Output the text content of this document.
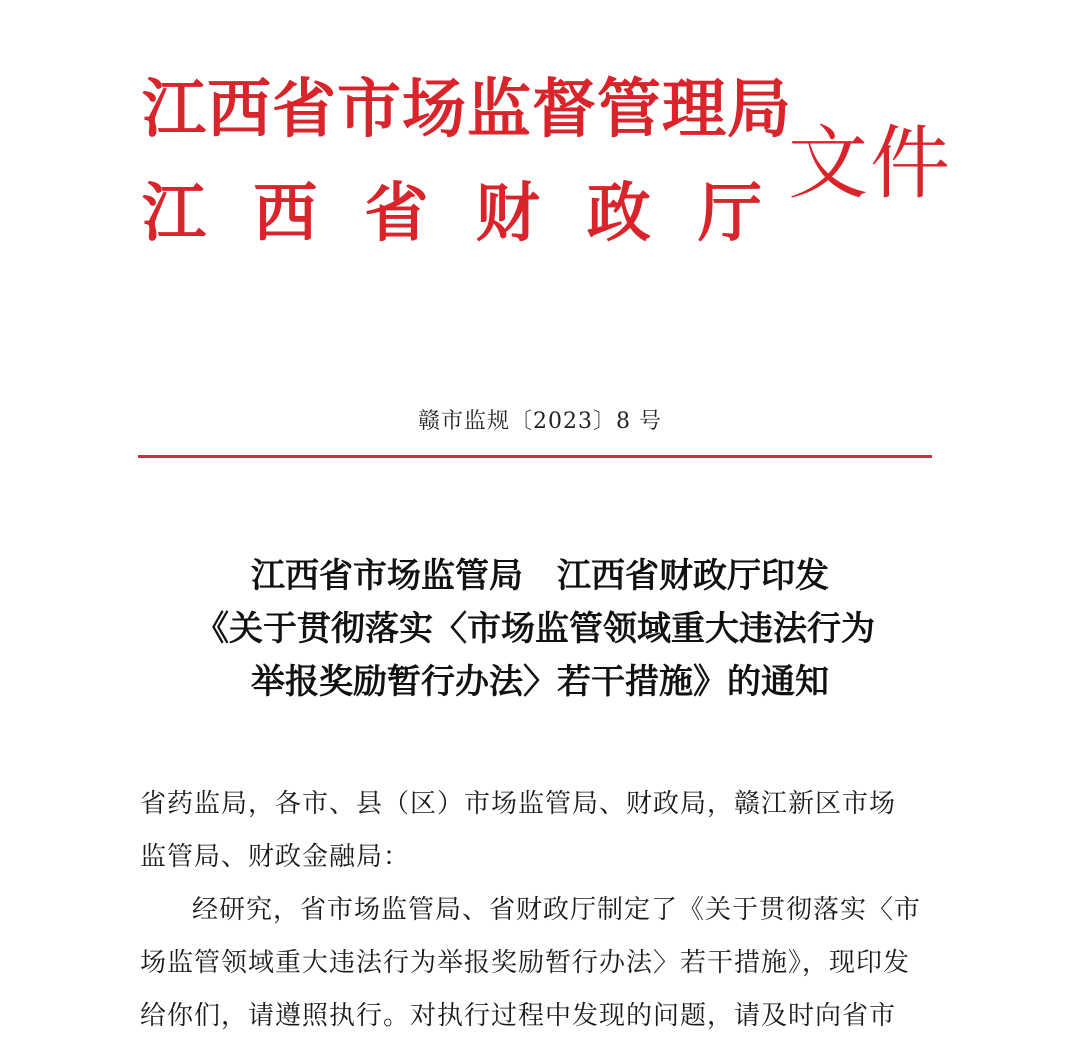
江西省市场监督管理局
江 西 省 财 政 厅
文件
赣市监规〔2023〕8 号
江西省市场监管局　江西省财政厅印发
《关于贯彻落实〈市场监管领域重大违法行为
举报奖励暂行办法〉若干措施》的通知

省药监局，各市、县（区）市场监管局、财政局，赣江新区市场

监管局、财政金融局：

经研究，省市场监管局、省财政厅制定了《关于贯彻落实〈市

场监管领域重大违法行为举报奖励暂行办法〉若干措施》，现印发

给你们，请遵照执行。对执行过程中发现的问题，请及时向省市
